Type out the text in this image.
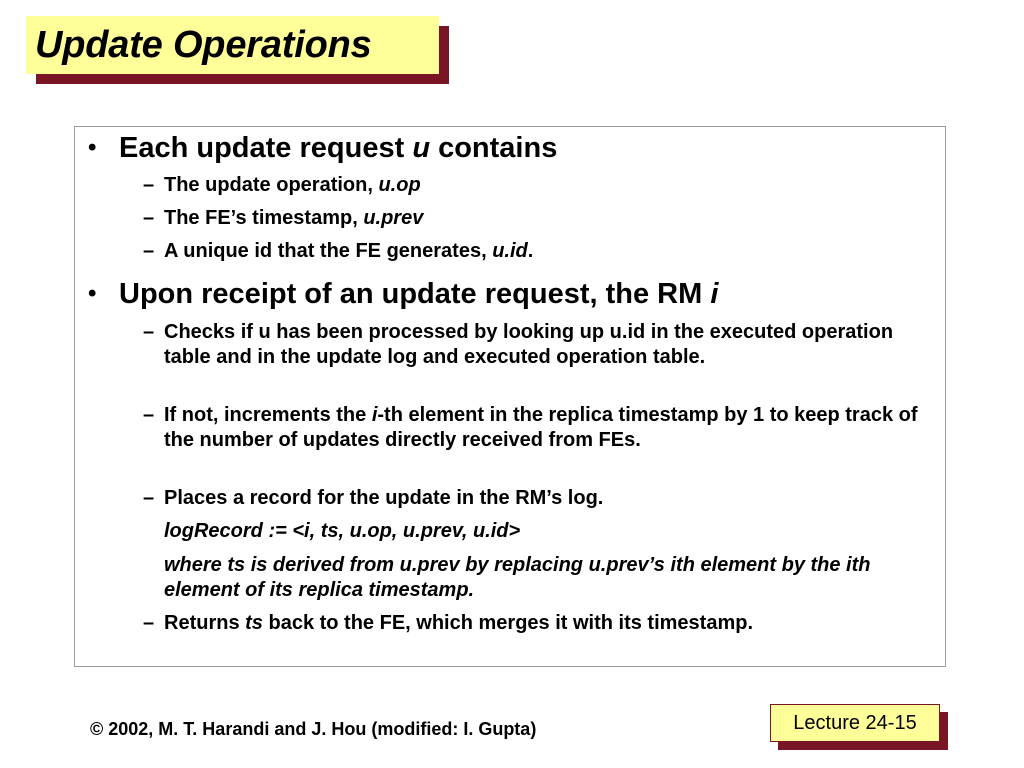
Update Operations
• Each update request u contains
– The update operation, u.op
– The FE’s timestamp, u.prev
– A unique id that the FE generates, u.id.
• Upon receipt of an update request, the RM i
– Checks if u has been processed by looking up u.id in the executed operation table and in the update log and executed operation table.
– If not, increments the i-th element in the replica timestamp by 1 to keep track of the number of updates directly received from FEs.
– Places a record for the update in the RM’s log.
logRecord := <i, ts, u.op, u.prev, u.id>
where ts is derived from u.prev by replacing u.prev’s ith element by the ith element of its replica timestamp.
– Returns ts back to the FE, which merges it with its timestamp.
© 2002, M. T. Harandi and J. Hou (modified: I. Gupta)	Lecture 24-15
